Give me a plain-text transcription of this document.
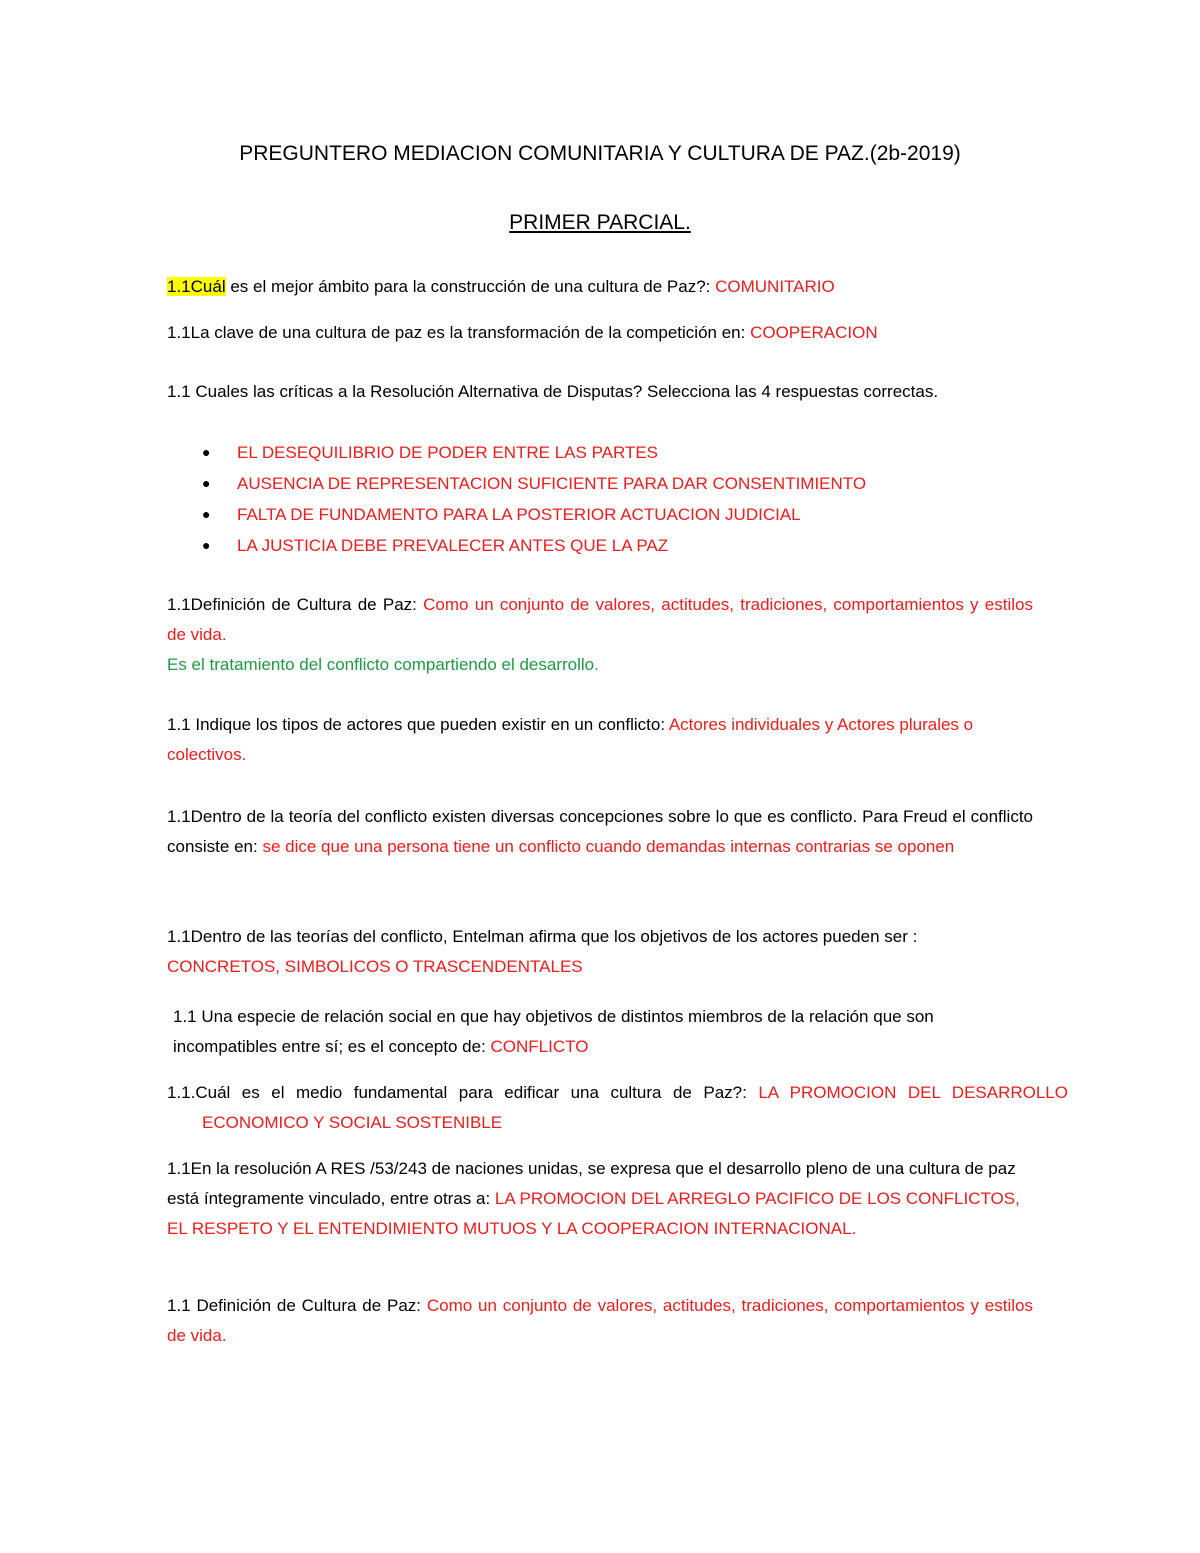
PREGUNTERO MEDIACION COMUNITARIA Y CULTURA DE PAZ.(2b-2019)
PRIMER PARCIAL.

1.1Cuál es el mejor ámbito para la construcción de una cultura de Paz?: COMUNITARIO

1.1La clave de una cultura de paz es la transformación de la competición en: COOPERACION

1.1 Cuales las críticas a la Resolución Alternativa de Disputas? Selecciona las 4 respuestas correctas.

● EL DESEQUILIBRIO DE PODER ENTRE LAS PARTES
● AUSENCIA DE REPRESENTACION SUFICIENTE PARA DAR CONSENTIMIENTO
● FALTA DE FUNDAMENTO PARA LA POSTERIOR ACTUACION JUDICIAL
● LA JUSTICIA DEBE PREVALECER ANTES QUE LA PAZ

1.1Definición de Cultura de Paz: Como un conjunto de valores, actitudes, tradiciones, comportamientos y estilos de vida.

Es el tratamiento del conflicto compartiendo el desarrollo.

1.1 Indique los tipos de actores que pueden existir en un conflicto: Actores individuales y Actores plurales o colectivos.

1.1Dentro de la teoría del conflicto existen diversas concepciones sobre lo que es conflicto. Para Freud el conflicto consiste en: se dice que una persona tiene un conflicto cuando demandas internas contrarias se oponen

1.1Dentro de las teorías del conflicto, Entelman afirma que los objetivos de los actores pueden ser : CONCRETOS, SIMBOLICOS O TRASCENDENTALES

1.1 Una especie de relación social en que hay objetivos de distintos miembros de la relación que son incompatibles entre sí; es el concepto de: CONFLICTO

1.1.Cuál es el medio fundamental para edificar una cultura de Paz?: LA PROMOCION DEL DESARROLLO ECONOMICO Y SOCIAL SOSTENIBLE

1.1En la resolución A RES /53/243 de naciones unidas, se expresa que el desarrollo pleno de una cultura de paz está íntegramente vinculado, entre otras a: LA PROMOCION DEL ARREGLO PACIFICO DE LOS CONFLICTOS, EL RESPETO Y EL ENTENDIMIENTO MUTUOS Y LA COOPERACION INTERNACIONAL.

1.1 Definición de Cultura de Paz: Como un conjunto de valores, actitudes, tradiciones, comportamientos y estilos de vida.
